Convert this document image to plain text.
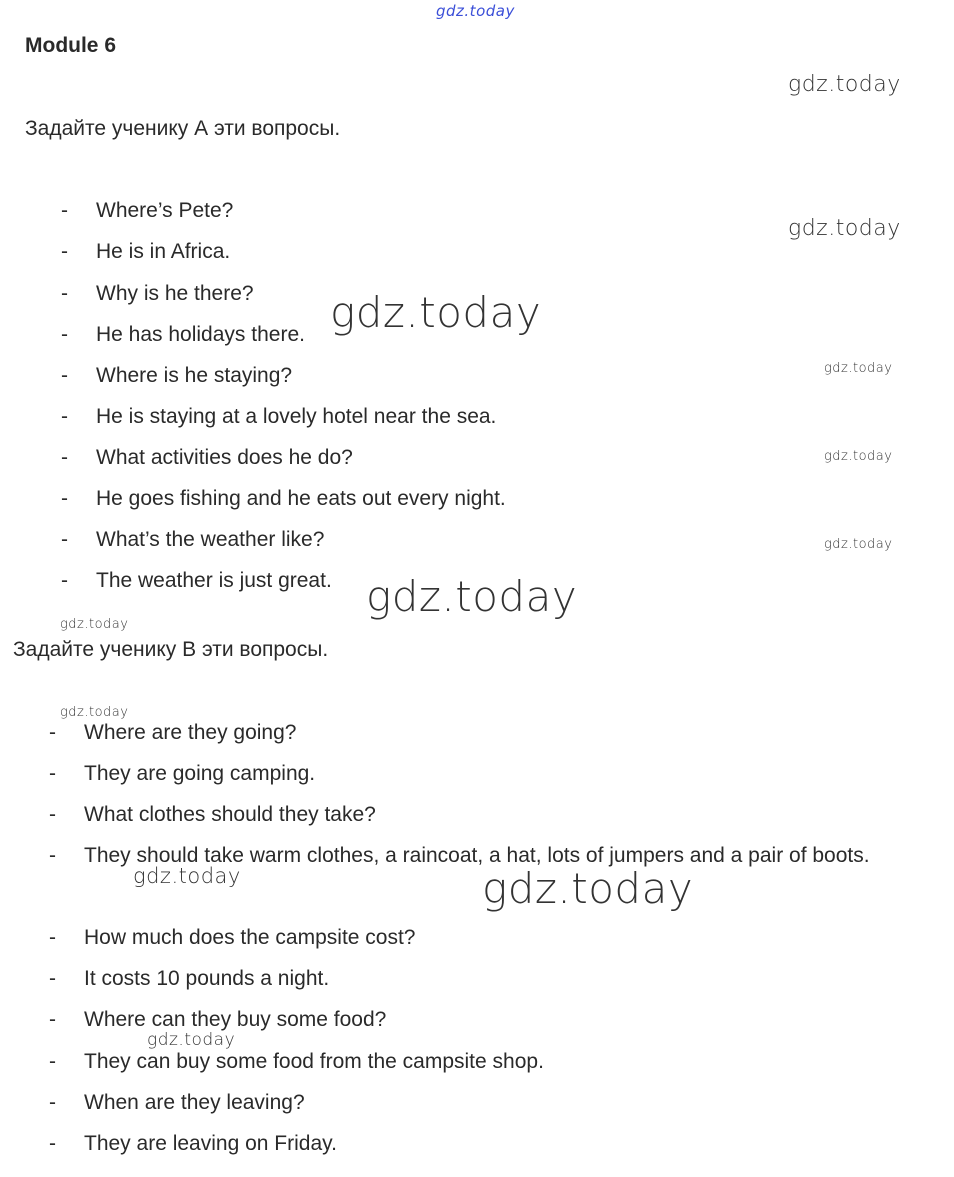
gdz.today
gdz.today
gdz.today
gdz.today
gdz.today
gdz.today
gdz.today
gdz.today
gdz.today
gdz.today
gdz.today	gdz.today
gdz.today
Module 6
Задайте ученику А эти вопросы.
- Where’s Pete?
- He is in Africa.
- Why is he there?
- He has holidays there.
- Where is he staying?
- He is staying at a lovely hotel near the sea.
- What activities does he do?
- He goes fishing and he eats out every night.
- What’s the weather like?
- The weather is just great.
Задайте ученику В эти вопросы.
- Where are they going?
- They are going camping.
- What clothes should they take?
- They should take warm clothes, a raincoat, a hat, lots of jumpers and a pair of boots.
- How much does the campsite cost?
- It costs 10 pounds a night.
- Where can they buy some food?
- They can buy some food from the campsite shop.
- When are they leaving?
- They are leaving on Friday.
